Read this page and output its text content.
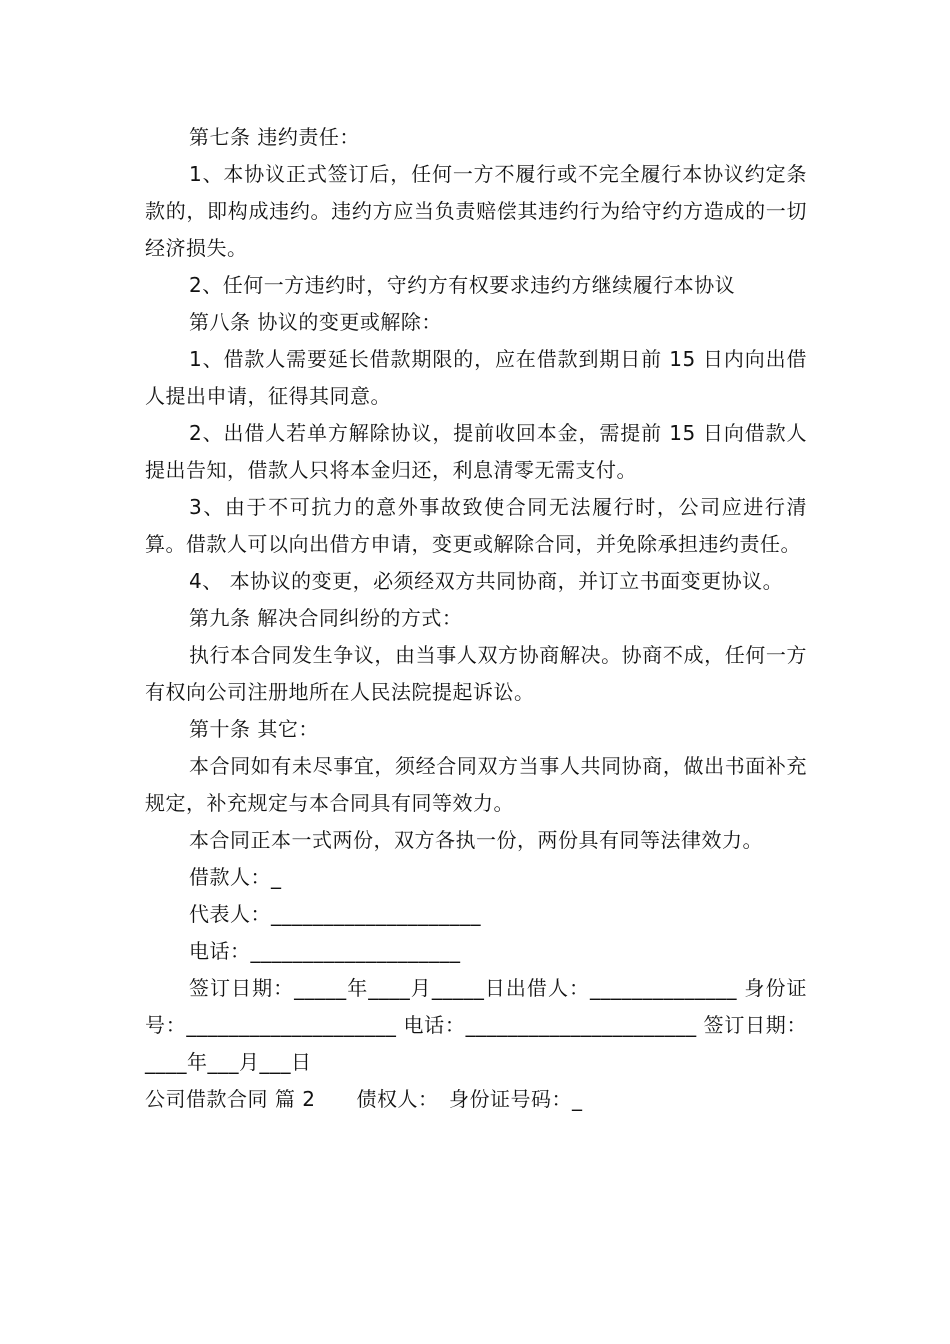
第七条 违约责任：

1、本协议正式签订后，任何一方不履行或不完全履行本协议约定条款的，即构成违约。违约方应当负责赔偿其违约行为给守约方造成的一切经济损失。

2、任何一方违约时，守约方有权要求违约方继续履行本协议

第八条 协议的变更或解除：

1、借款人需要延长借款期限的，应在借款到期日前 15 日内向出借人提出申请，征得其同意。

2、出借人若单方解除协议，提前收回本金，需提前 15 日向借款人提出告知，借款人只将本金归还，利息清零无需支付。

3、由于不可抗力的意外事故致使合同无法履行时，公司应进行清算。借款人可以向出借方申请，变更或解除合同，并免除承担违约责任。

4、 本协议的变更，必须经双方共同协商，并订立书面变更协议。

第九条 解决合同纠纷的方式：

执行本合同发生争议，由当事人双方协商解决。协商不成，任何一方有权向公司注册地所在人民法院提起诉讼。

第十条 其它：

本合同如有未尽事宜，须经合同双方当事人共同协商，做出书面补充规定，补充规定与本合同具有同等效力。

本合同正本一式两份，双方各执一份，两份具有同等法律效力。

借款人：_

代表人：____________________

电话：____________________

签订日期：_____年____月_____日出借人：______________ 身份证号：____________________ 电话：______________________ 签订日期：____年___月___日

公司借款合同 篇 2　　债权人：　身份证号码：_
